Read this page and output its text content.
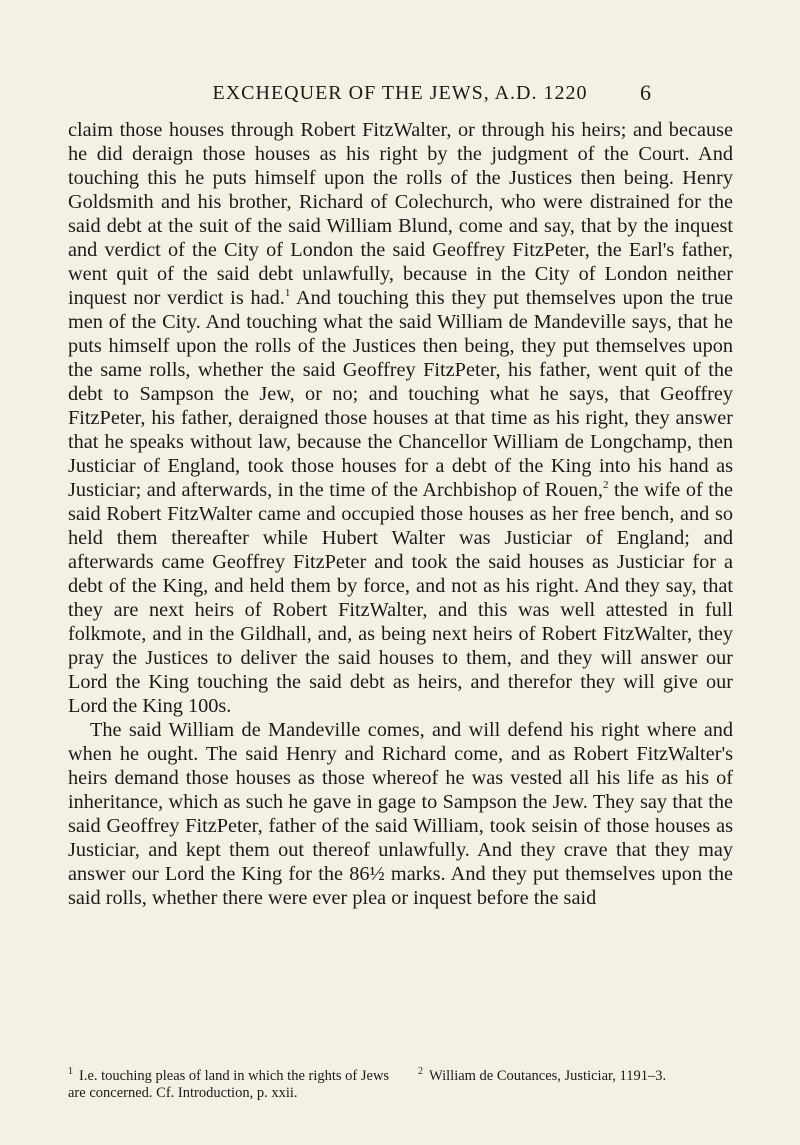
EXCHEQUER OF THE JEWS, A.D. 1220	6

claim those houses through Robert FitzWalter, or through his heirs; and because he did deraign those houses as his right by the judgment of the Court. And touching this he puts himself upon the rolls of the Justices then being. Henry Goldsmith and his brother, Richard of Colechurch, who were distrained for the said debt at the suit of the said William Blund, come and say, that by the inquest and verdict of the City of London the said Geoffrey FitzPeter, the Earl's father, went quit of the said debt unlawfully, because in the City of London neither inquest nor verdict is had.$^1$ And touching this they put themselves upon the true men of the City. And touching what the said William de Mandeville says, that he puts himself upon the rolls of the Justices then being, they put themselves upon the same rolls, whether the said Geoffrey FitzPeter, his father, went quit of the debt to Sampson the Jew, or no; and touching what he says, that Geoffrey FitzPeter, his father, deraigned those houses at that time as his right, they answer that he speaks without law, because the Chancellor William de Longchamp, then Justiciar of England, took those houses for a debt of the King into his hand as Justiciar; and afterwards, in the time of the Archbishop of Rouen,$^2$ the wife of the said Robert FitzWalter came and occupied those houses as her free bench, and so held them thereafter while Hubert Walter was Justiciar of England; and afterwards came Geoffrey FitzPeter and took the said houses as Justiciar for a debt of the King, and held them by force, and not as his right. And they say, that they are next heirs of Robert FitzWalter, and this was well attested in full folkmote, and in the Gildhall, and, as being next heirs of Robert FitzWalter, they pray the Justices to deliver the said houses to them, and they will answer our Lord the King touching the said debt as heirs, and therefor they will give our Lord the King 100s.

The said William de Mandeville comes, and will defend his right where and when he ought. The said Henry and Richard come, and as Robert FitzWalter's heirs demand those houses as those whereof he was vested all his life as his of inheritance, which as such he gave in gage to Sampson the Jew. They say that the said Geoffrey FitzPeter, father of the said William, took seisin of those houses as Justiciar, and kept them out thereof unlawfully. And they crave that they may answer our Lord the King for the 86½ marks. And they put themselves upon the said rolls, whether there were ever plea or inquest before the said

$^1$ I.e. touching pleas of land in which the rights of Jews are concerned. Cf. Introduction, p. xxii.
$^2$ William de Coutances, Justiciar, 1191–3.
